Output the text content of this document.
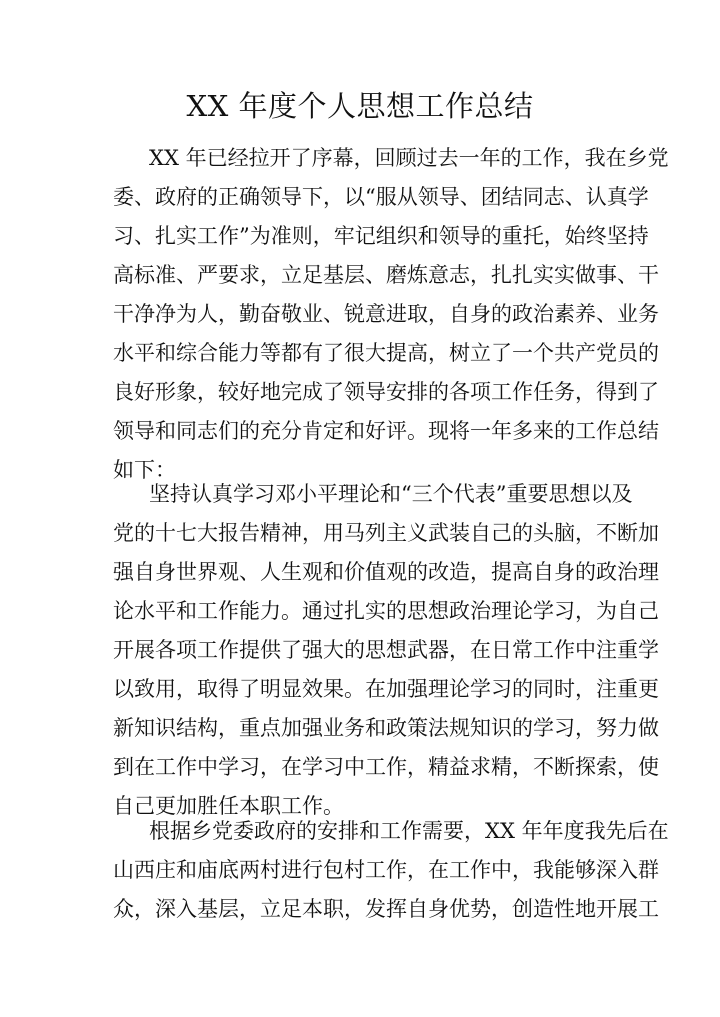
XX 年度个人思想工作总结
XX 年已经拉开了序幕，回顾过去一年的工作，我在乡党
委、政府的正确领导下，以“服从领导、团结同志、认真学
习、扎实工作”为准则，牢记组织和领导的重托，始终坚持
高标准、严要求，立足基层、磨炼意志，扎扎实实做事、干
干净净为人，勤奋敬业、锐意进取，自身的政治素养、业务
水平和综合能力等都有了很大提高，树立了一个共产党员的
良好形象，较好地完成了领导安排的各项工作任务，得到了
领导和同志们的充分肯定和好评。现将一年多来的工作总结
如下：
坚持认真学习邓小平理论和“三个代表”重要思想以及
党的十七大报告精神，用马列主义武装自己的头脑，不断加
强自身世界观、人生观和价值观的改造，提高自身的政治理
论水平和工作能力。通过扎实的思想政治理论学习，为自己
开展各项工作提供了强大的思想武器，在日常工作中注重学
以致用，取得了明显效果。在加强理论学习的同时，注重更
新知识结构，重点加强业务和政策法规知识的学习，努力做
到在工作中学习，在学习中工作，精益求精，不断探索，使
自己更加胜任本职工作。
根据乡党委政府的安排和工作需要，XX 年年度我先后在
山西庄和庙底两村进行包村工作，在工作中，我能够深入群
众，深入基层，立足本职，发挥自身优势，创造性地开展工
